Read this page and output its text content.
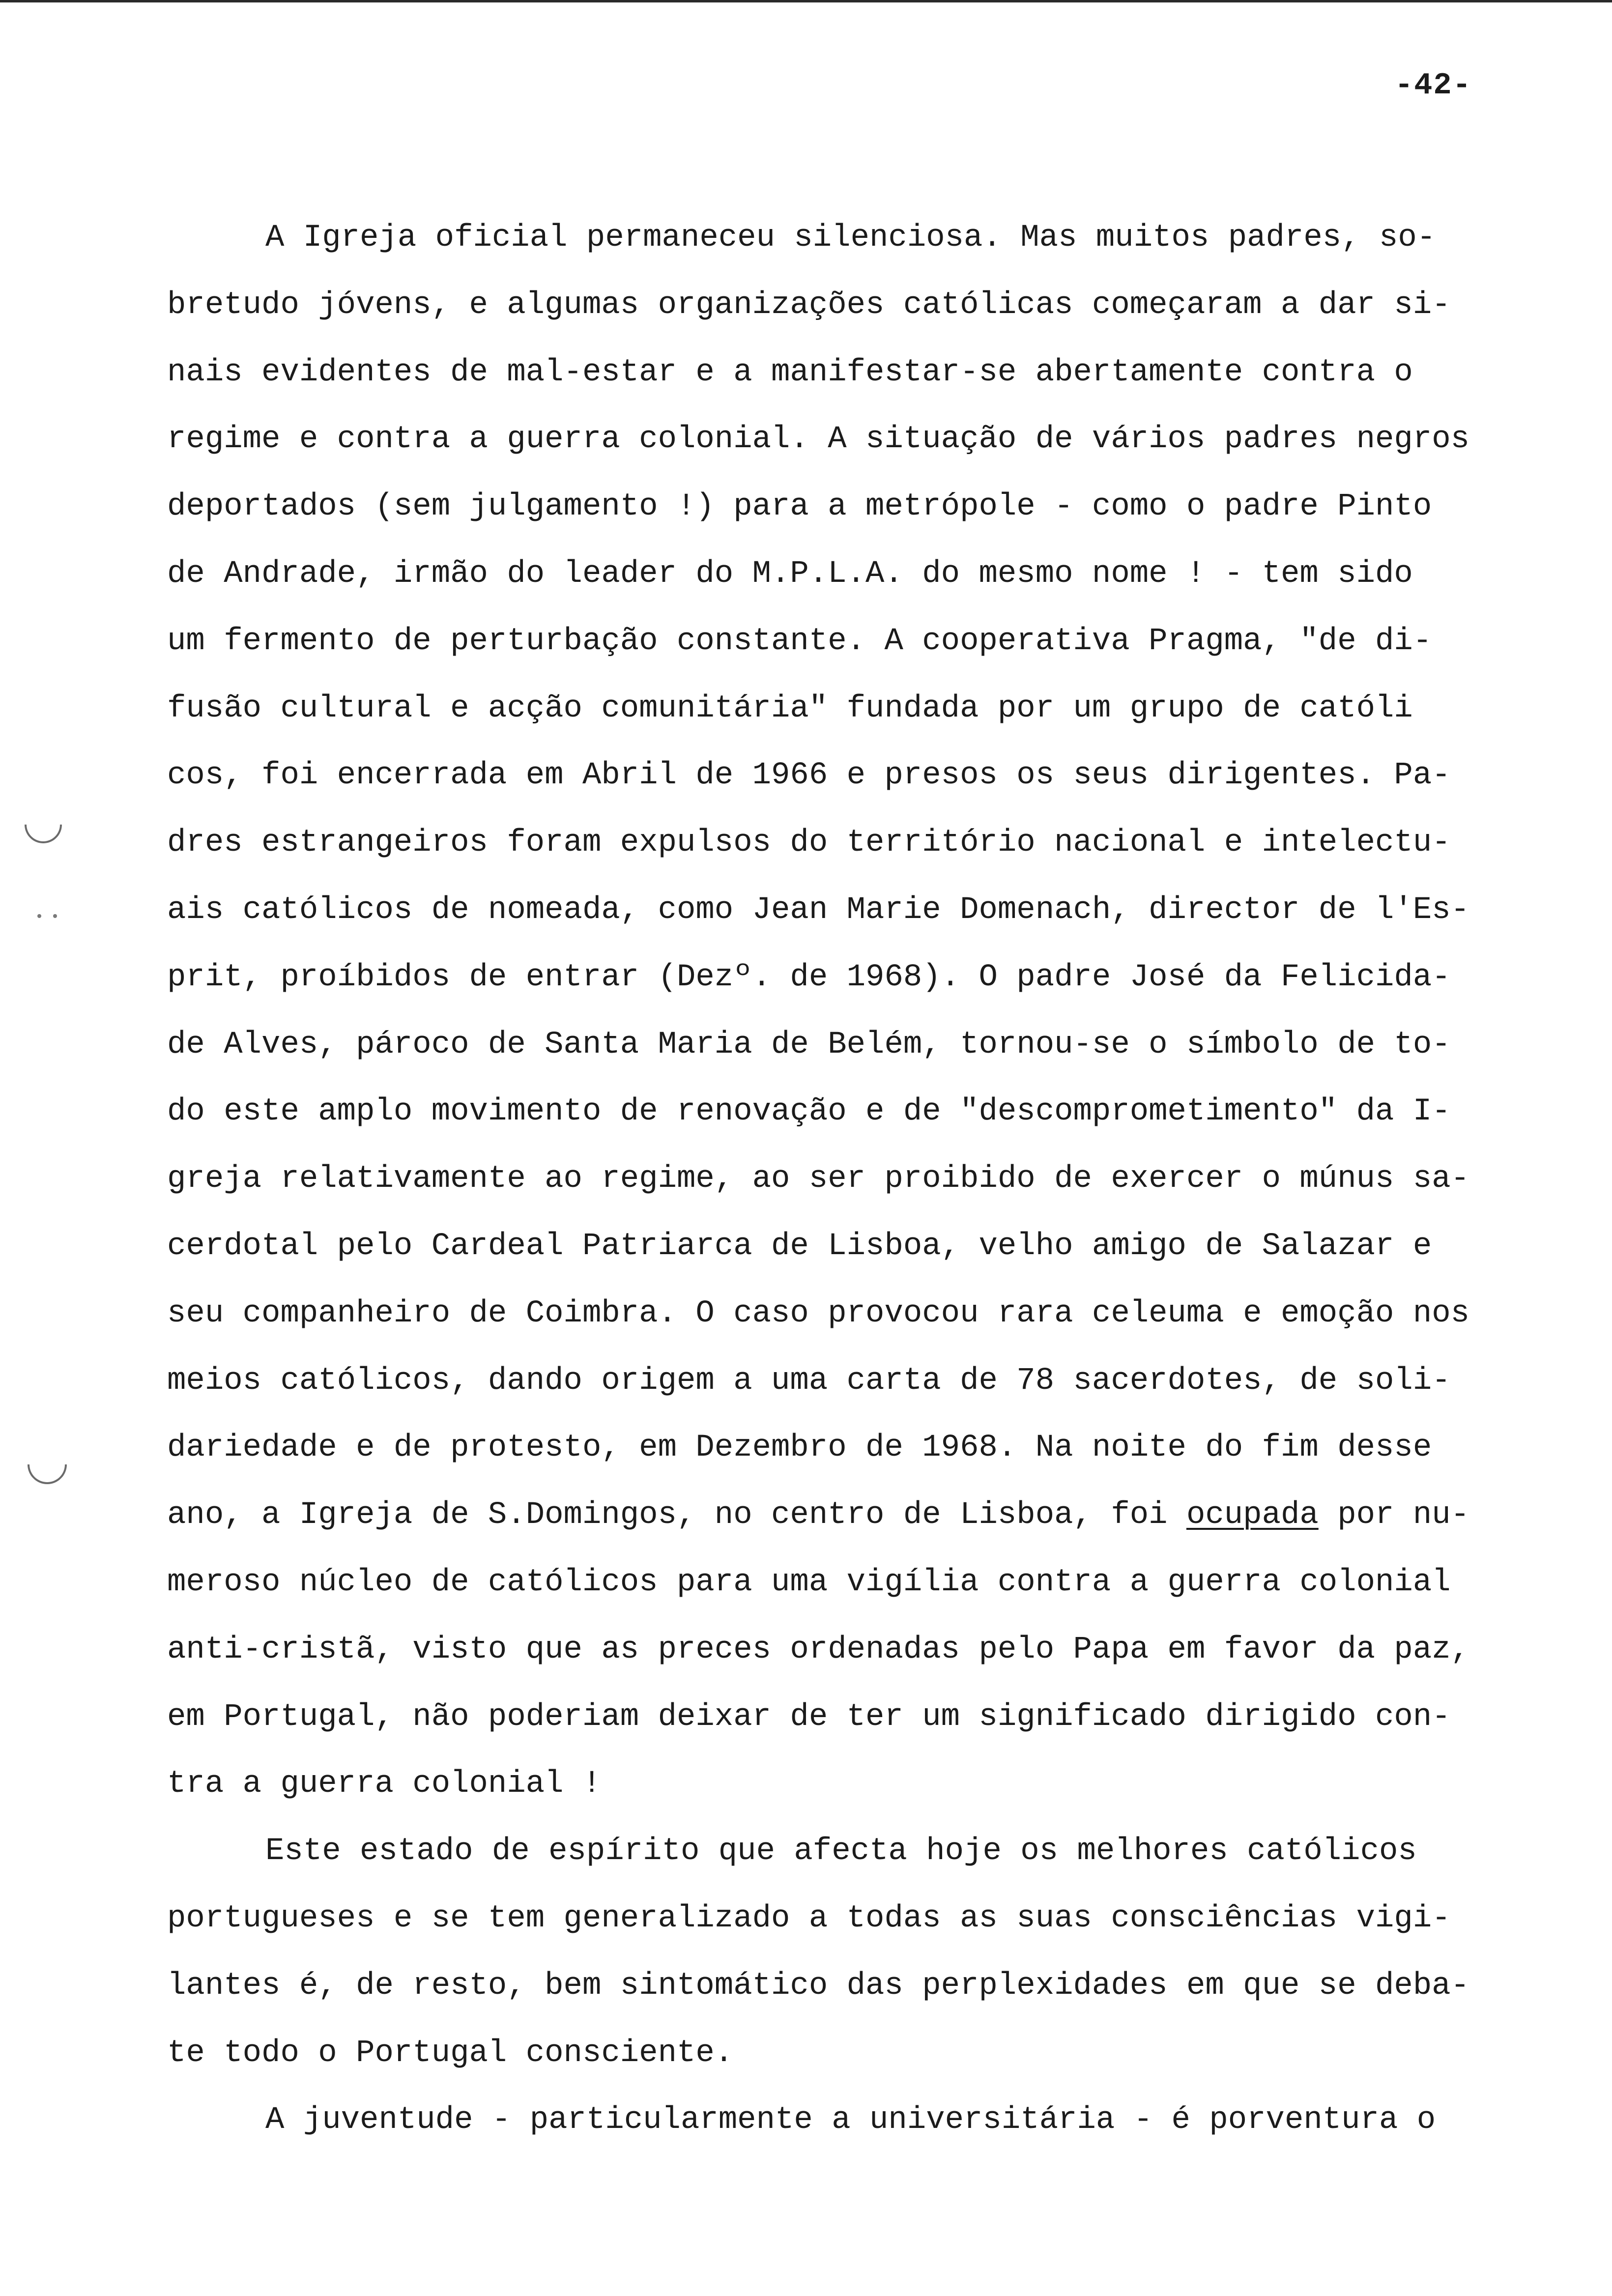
-42-
A Igreja oficial permaneceu silenciosa. Mas muitos padres, so-
bretudo jóvens, e algumas organizações católicas começaram a dar si-
nais evidentes de mal-estar e a manifestar-se abertamente contra o
regime e contra a guerra colonial. A situação de vários padres negros
deportados (sem julgamento !) para a metrópole - como o padre Pinto
de Andrade, irmão do leader do M.P.L.A. do mesmo nome ! - tem sido
um fermento de perturbação constante. A cooperativa Pragma, "de di-
fusão cultural e acção comunitária" fundada por um grupo de católi
cos, foi encerrada em Abril de 1966 e presos os seus dirigentes. Pa-
dres estrangeiros foram expulsos do território nacional e intelectu-
ais católicos de nomeada, como Jean Marie Domenach, director de l'Es-
prit, proíbidos de entrar (Dezº. de 1968). O padre José da Felicida-
de Alves, pároco de Santa Maria de Belém, tornou-se o símbolo de to-
do este amplo movimento de renovação e de "descomprometimento" da I-
greja relativamente ao regime, ao ser proibido de exercer o múnus sa-
cerdotal pelo Cardeal Patriarca de Lisboa, velho amigo de Salazar e
seu companheiro de Coimbra. O caso provocou rara celeuma e emoção nos
meios católicos, dando origem a uma carta de 78 sacerdotes, de soli-
dariedade e de protesto, em Dezembro de 1968. Na noite do fim desse
ano, a Igreja de S.Domingos, no centro de Lisboa, foi ocupada por nu-
meroso núcleo de católicos para uma vigília contra a guerra colonial
anti-cristã, visto que as preces ordenadas pelo Papa em favor da paz,
em Portugal, não poderiam deixar de ter um significado dirigido con-
tra a guerra colonial !
Este estado de espírito que afecta hoje os melhores católicos
portugueses e se tem generalizado a todas as suas consciências vigi-
lantes é, de resto, bem sintomático das perplexidades em que se deba-
te todo o Portugal consciente.
A juventude - particularmente a universitária - é porventura o
